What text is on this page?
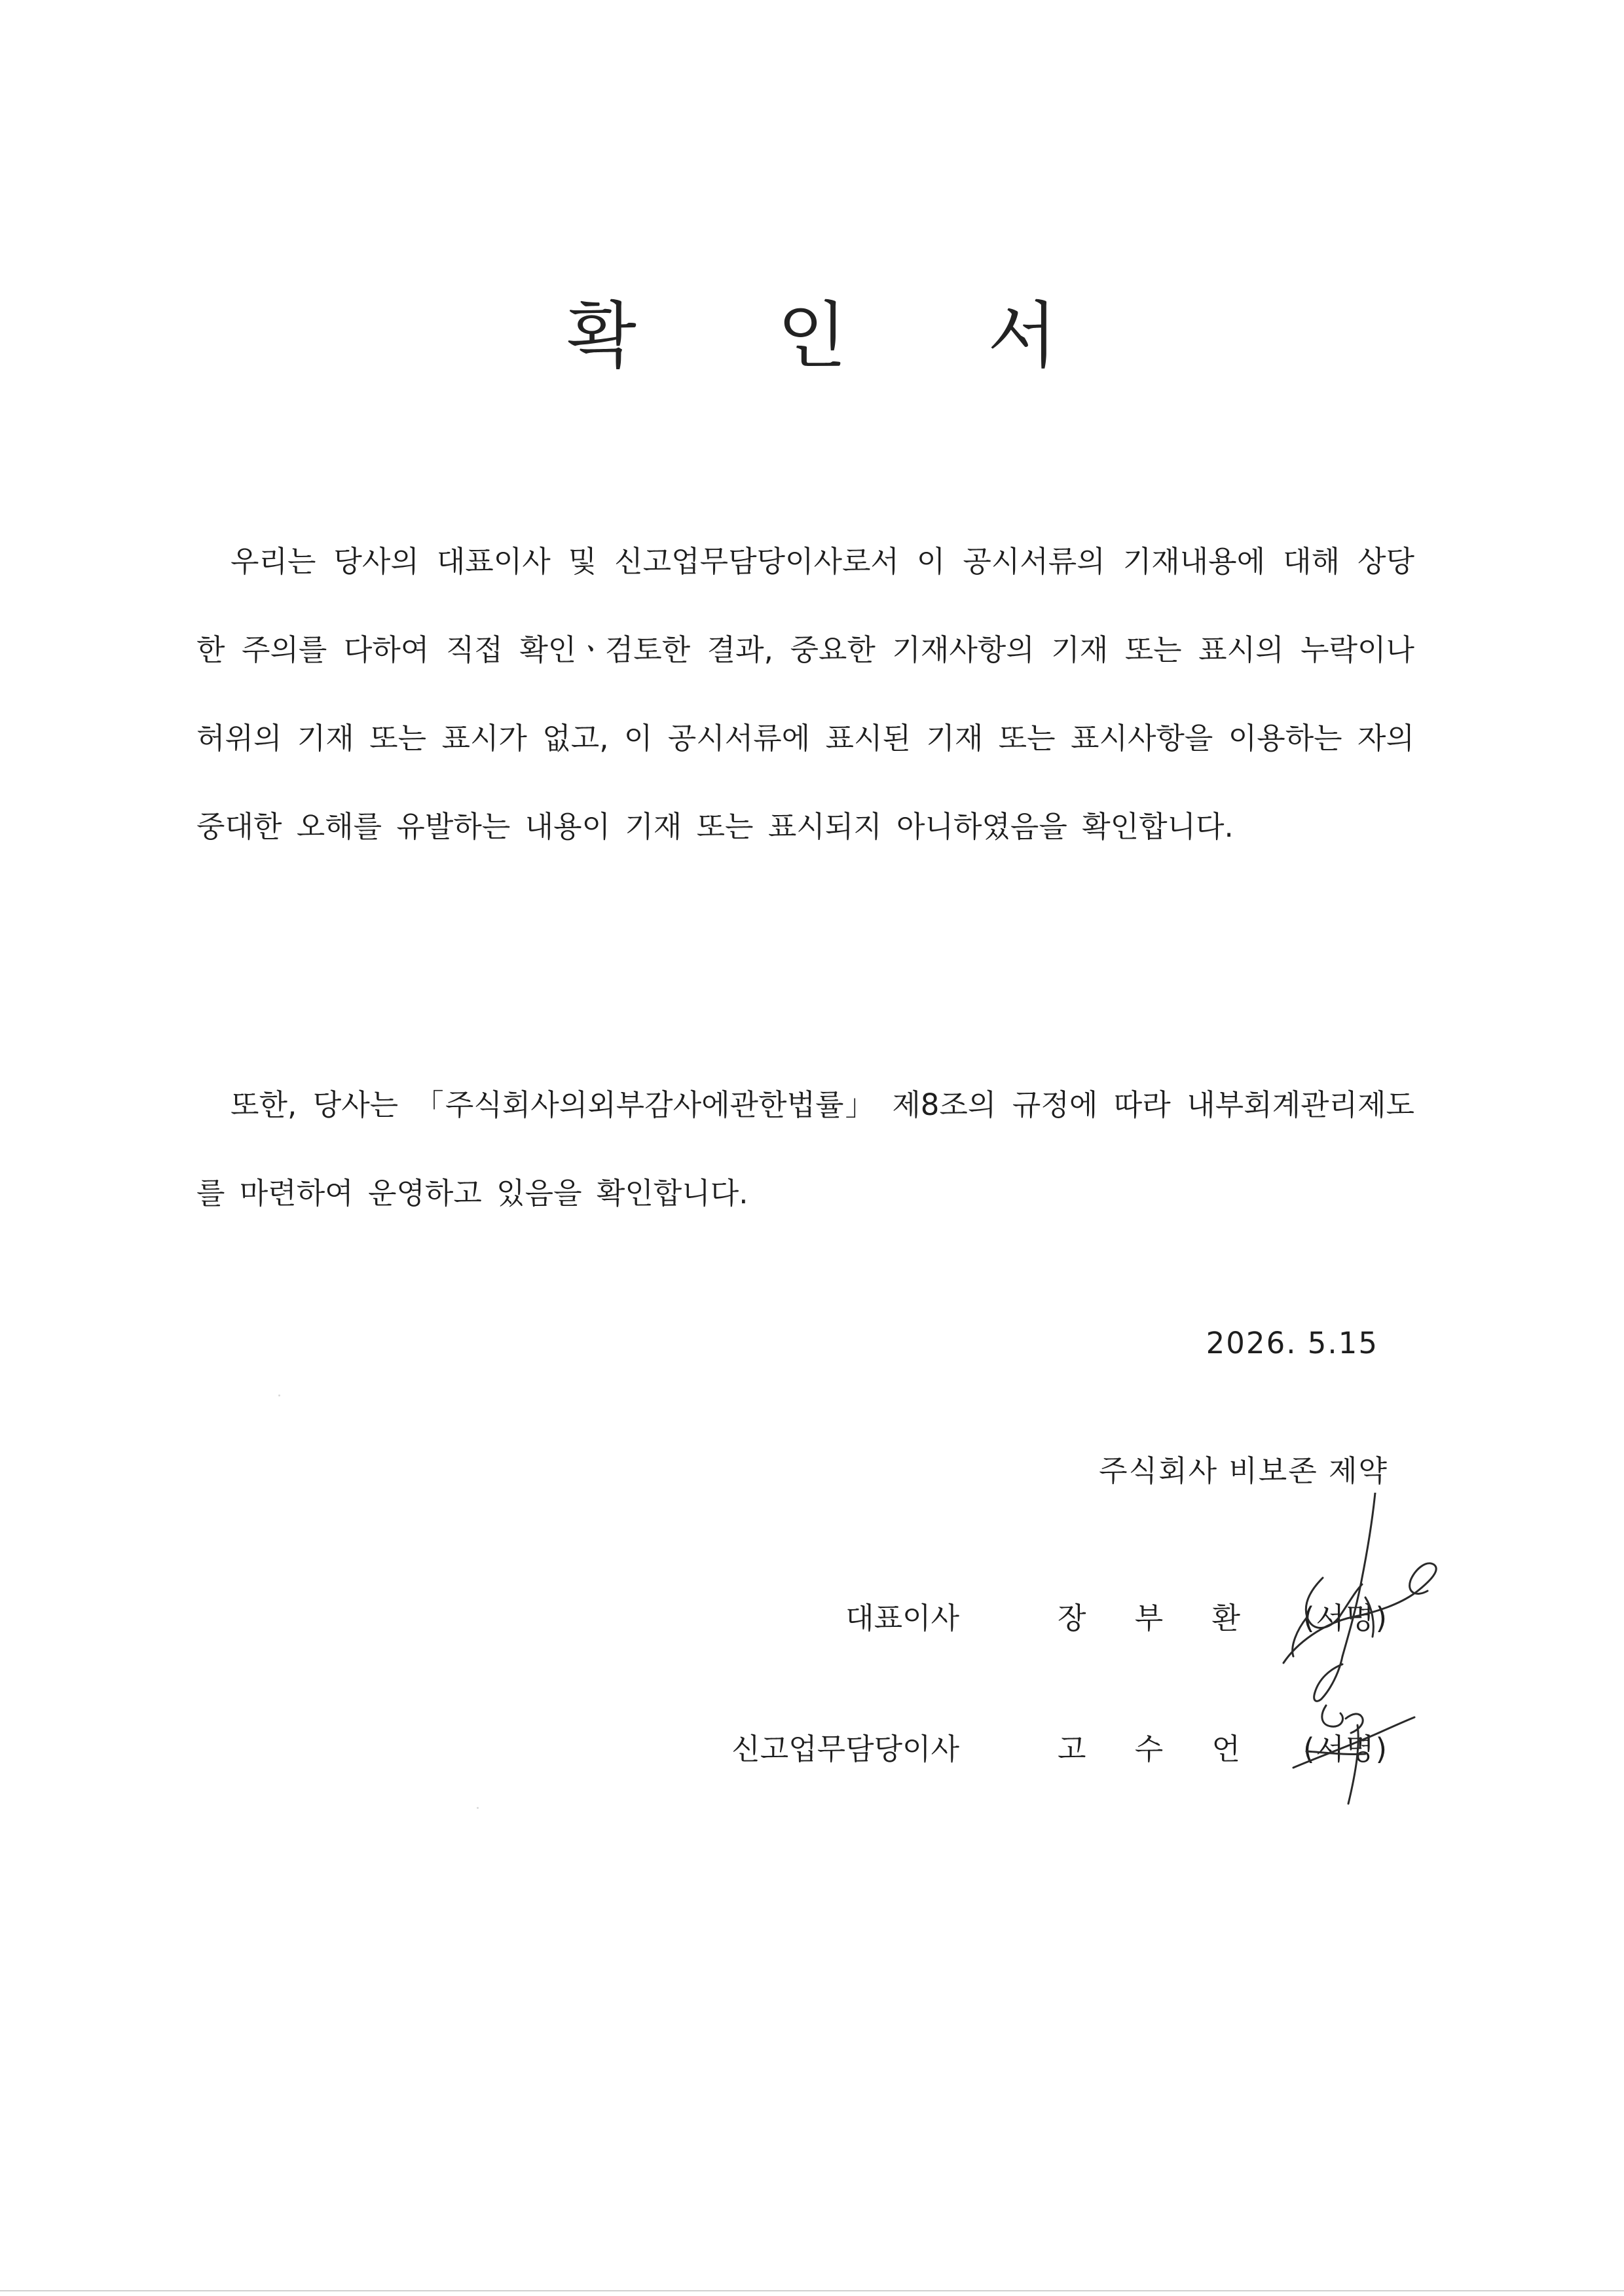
확 인 서

우리는 당사의 대표이사 및 신고업무담당이사로서 이 공시서류의 기재내용에 대해 상당한 주의를 다하여 직접 확인ㆍ검토한 결과, 중요한 기재사항의 기재 또는 표시의 누락이나 허위의 기재 또는 표시가 없고, 이 공시서류에 표시된 기재 또는 표시사항을 이용하는 자의 중대한 오해를 유발하는 내용이 기재 또는 표시되지 아니하였음을 확인합니다.

또한, 당사는 「주식회사의외부감사에관한법률」 제8조의 규정에 따라 내부회계관리제도를 마련하여 운영하고 있음을 확인합니다.

2026. 5.15
주식회사 비보존 제약
대표이사	장 부 환 (서명)
신고업무담당이사	고 수 언 (서명)
